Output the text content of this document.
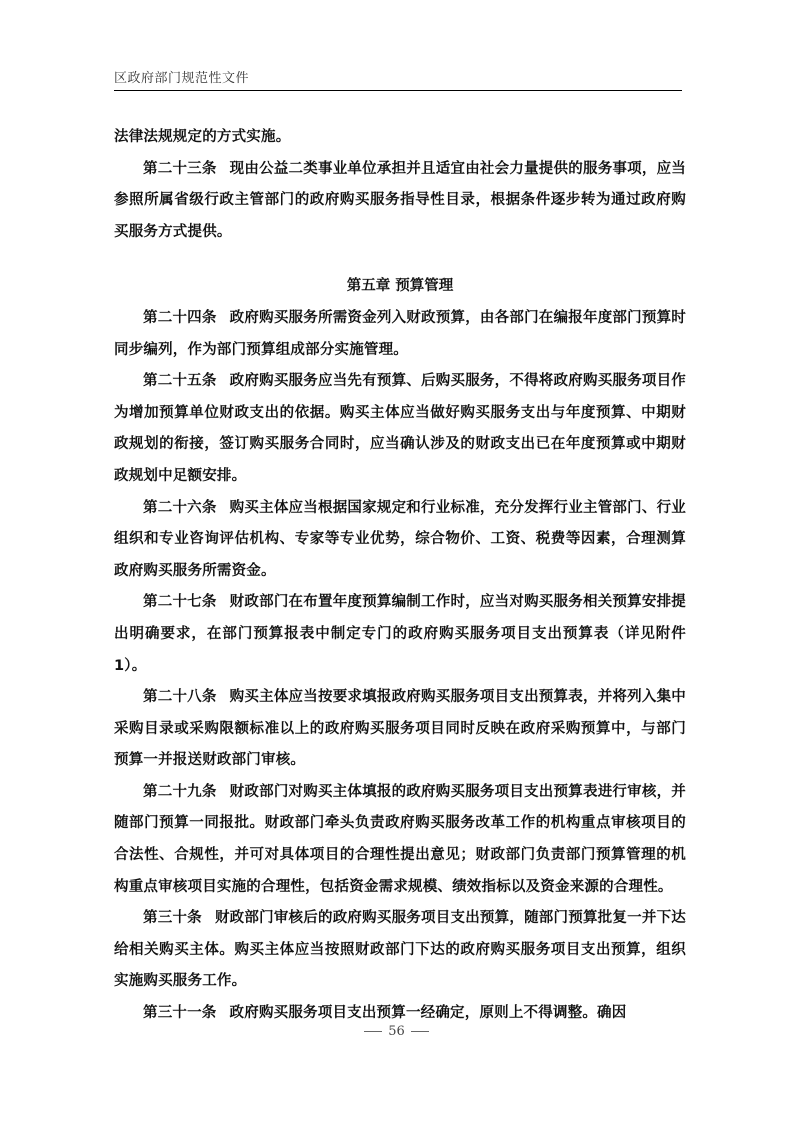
区政府部门规范性文件

法律法规规定的方式实施。

第二十三条 现由公益二类事业单位承担并且适宜由社会力量提供的服务事项，应当参照所属省级行政主管部门的政府购买服务指导性目录，根据条件逐步转为通过政府购买服务方式提供。

第五章 预算管理

第二十四条 政府购买服务所需资金列入财政预算，由各部门在编报年度部门预算时同步编列，作为部门预算组成部分实施管理。

第二十五条 政府购买服务应当先有预算、后购买服务，不得将政府购买服务项目作为增加预算单位财政支出的依据。购买主体应当做好购买服务支出与年度预算、中期财政规划的衔接，签订购买服务合同时，应当确认涉及的财政支出已在年度预算或中期财政规划中足额安排。

第二十六条 购买主体应当根据国家规定和行业标准，充分发挥行业主管部门、行业组织和专业咨询评估机构、专家等专业优势，综合物价、工资、税费等因素，合理测算政府购买服务所需资金。

第二十七条 财政部门在布置年度预算编制工作时，应当对购买服务相关预算安排提出明确要求，在部门预算报表中制定专门的政府购买服务项目支出预算表（详见附件1）。

第二十八条 购买主体应当按要求填报政府购买服务项目支出预算表，并将列入集中采购目录或采购限额标准以上的政府购买服务项目同时反映在政府采购预算中，与部门预算一并报送财政部门审核。

第二十九条 财政部门对购买主体填报的政府购买服务项目支出预算表进行审核，并随部门预算一同报批。财政部门牵头负责政府购买服务改革工作的机构重点审核项目的合法性、合规性，并可对具体项目的合理性提出意见；财政部门负责部门预算管理的机构重点审核项目实施的合理性，包括资金需求规模、绩效指标以及资金来源的合理性。

第三十条 财政部门审核后的政府购买服务项目支出预算，随部门预算批复一并下达给相关购买主体。购买主体应当按照财政部门下达的政府购买服务项目支出预算，组织实施购买服务工作。

第三十一条 政府购买服务项目支出预算一经确定，原则上不得调整。确因

56
